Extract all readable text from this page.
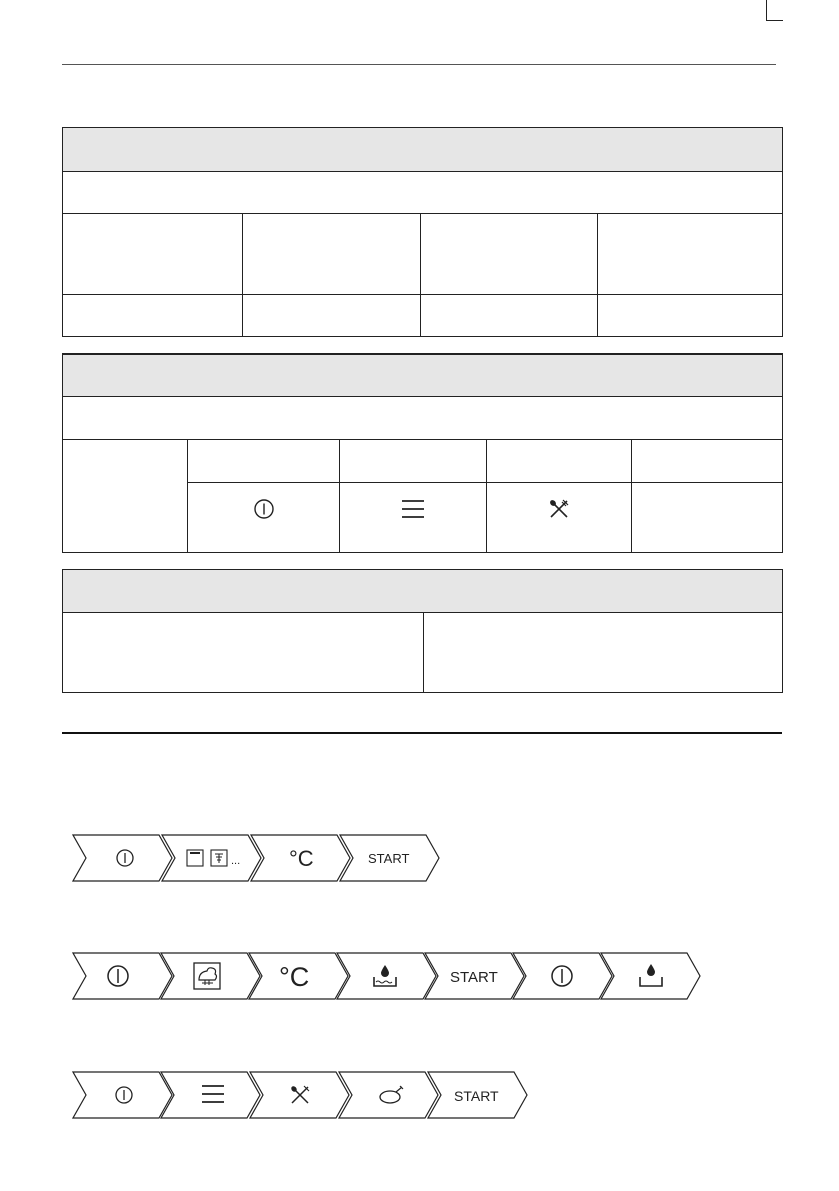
... °C	START
°C	START
START
